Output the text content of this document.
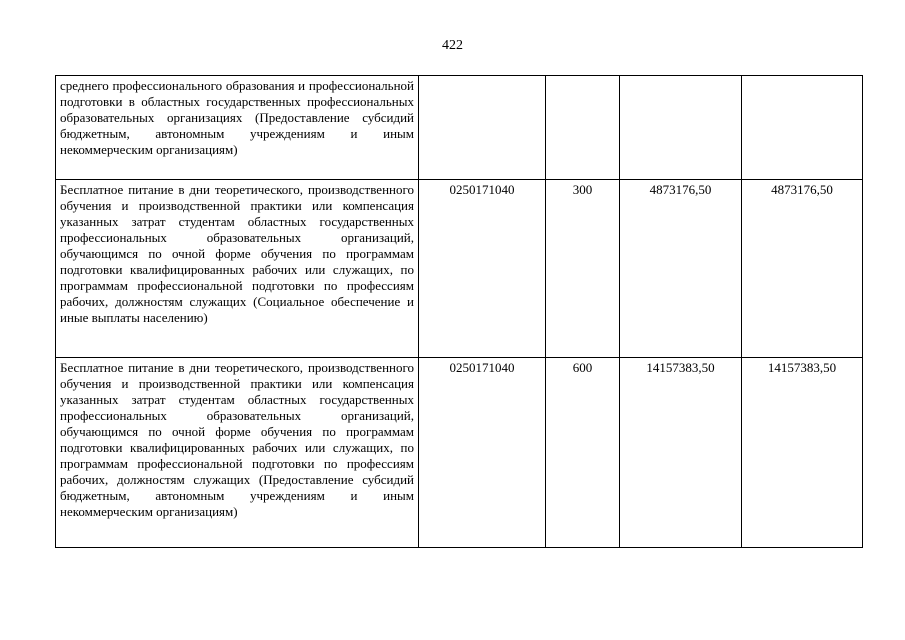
422
среднего профессионального образования и профессиональной подготовки в областных государственных профессиональных образовательных организациях (Предоставление субсидий бюджетным, автономным учреждениям и иным некоммерческим организациям)				
Бесплатное питание в дни теоретического, производственного обучения и производственной практики или компенсация указанных затрат студентам областных государственных профессиональных образовательных организаций, обучающимся по очной форме обучения по программам подготовки квалифицированных рабочих или служащих, по программам профессиональной подготовки по профессиям рабочих, должностям служащих (Социальное обеспечение и иные выплаты населению)	0250171040	300	4873176,50	4873176,50
Бесплатное питание в дни теоретического, производственного обучения и производственной практики или компенсация указанных затрат студентам областных государственных профессиональных образовательных организаций, обучающимся по очной форме обучения по программам подготовки квалифицированных рабочих или служащих, по программам профессиональной подготовки по профессиям рабочих, должностям служащих (Предоставление субсидий бюджетным, автономным учреждениям и иным некоммерческим организациям)	0250171040	600	14157383,50	14157383,50
